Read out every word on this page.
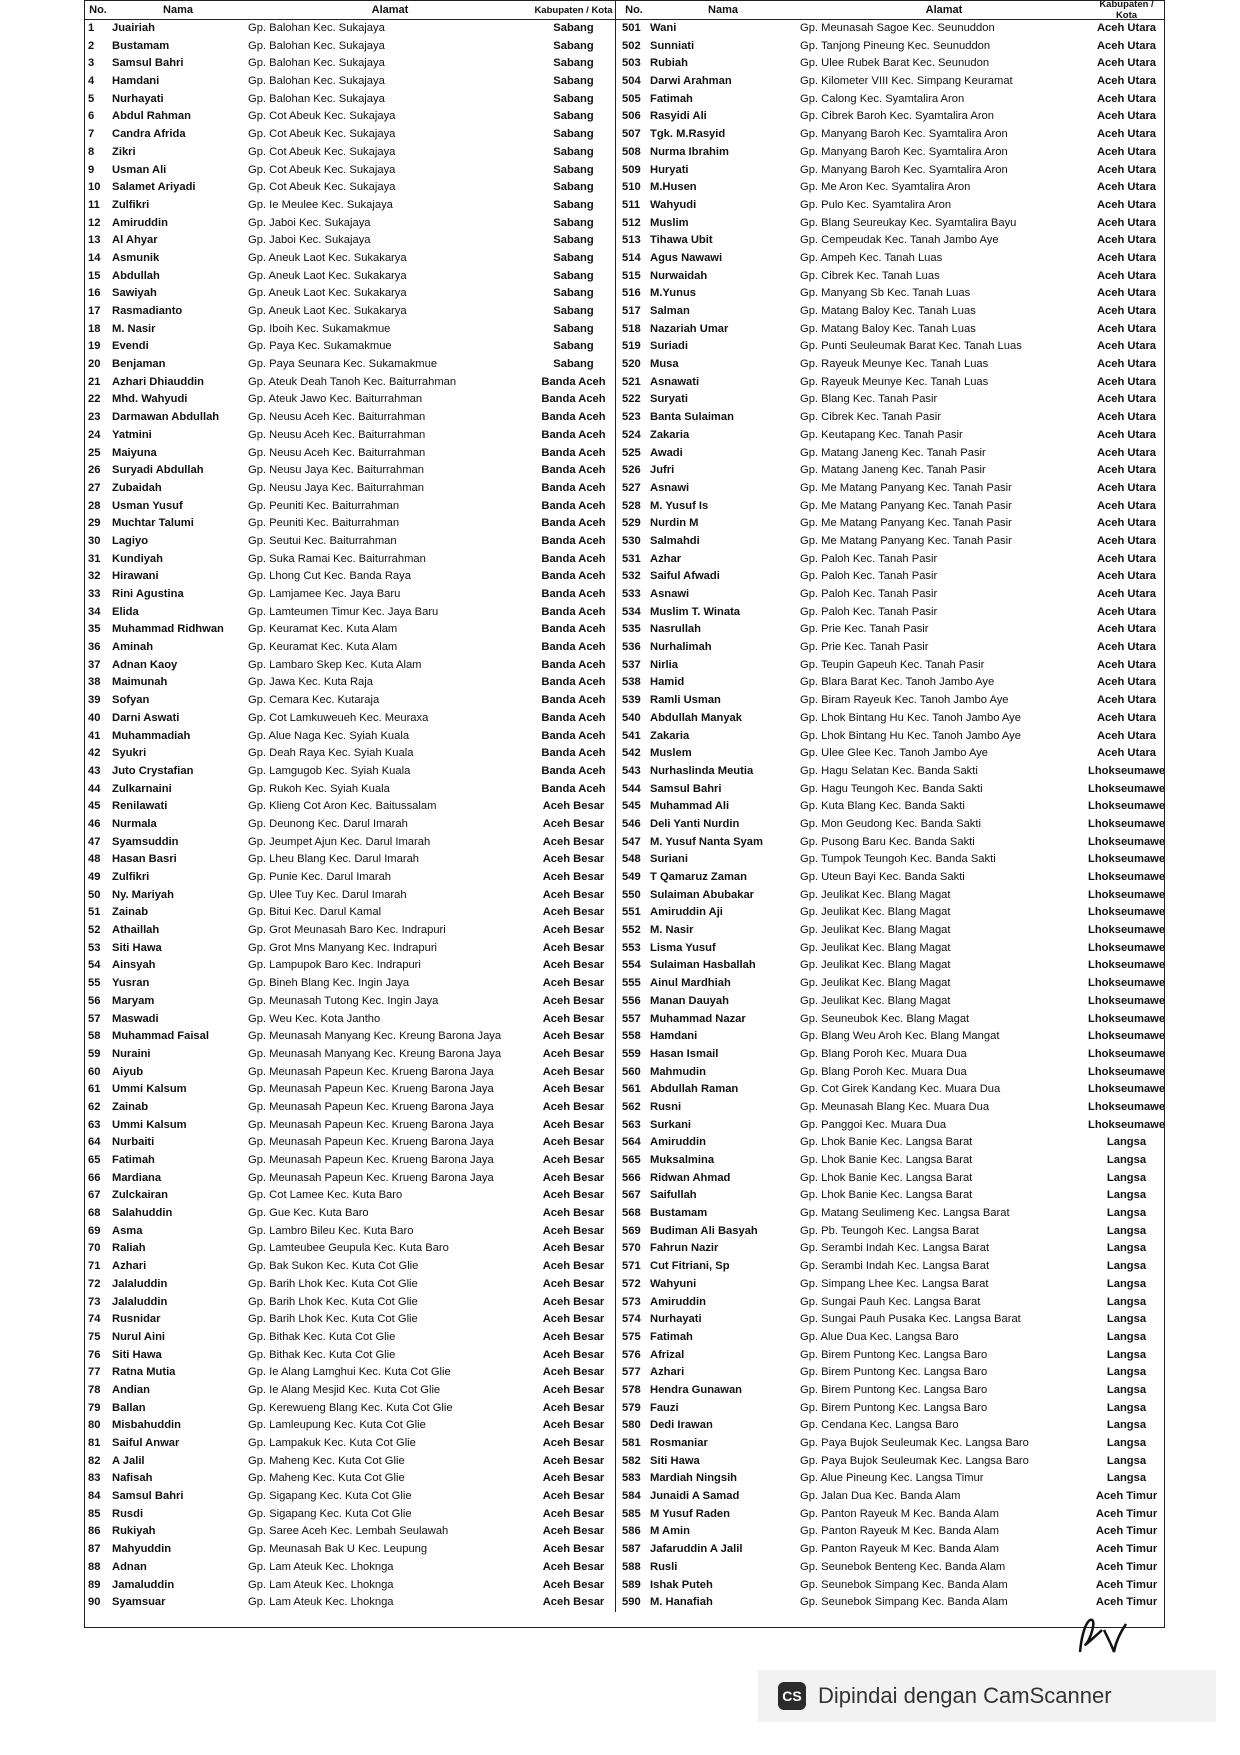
No.	Nama	Alamat	Kabupaten / Kota
1	Juairiah	Gp. Balohan Kec. Sukajaya	Sabang
2	Bustamam	Gp. Balohan Kec. Sukajaya	Sabang
3	Samsul Bahri	Gp. Balohan Kec. Sukajaya	Sabang
4	Hamdani	Gp. Balohan Kec. Sukajaya	Sabang
5	Nurhayati	Gp. Balohan Kec. Sukajaya	Sabang
6	Abdul Rahman	Gp. Cot Abeuk Kec. Sukajaya	Sabang
7	Candra Afrida	Gp. Cot Abeuk Kec. Sukajaya	Sabang
8	Zikri	Gp. Cot Abeuk Kec. Sukajaya	Sabang
9	Usman Ali	Gp. Cot Abeuk Kec. Sukajaya	Sabang
10	Salamet Ariyadi	Gp. Cot Abeuk Kec. Sukajaya	Sabang
11	Zulfikri	Gp. Ie Meulee Kec. Sukajaya	Sabang
12	Amiruddin	Gp. Jaboi Kec. Sukajaya	Sabang
13	Al Ahyar	Gp. Jaboi Kec. Sukajaya	Sabang
14	Asmunik	Gp. Aneuk Laot Kec. Sukakarya	Sabang
15	Abdullah	Gp. Aneuk Laot Kec. Sukakarya	Sabang
16	Sawiyah	Gp. Aneuk Laot Kec. Sukakarya	Sabang
17	Rasmadianto	Gp. Aneuk Laot Kec. Sukakarya	Sabang
18	M. Nasir	Gp. Iboih Kec. Sukamakmue	Sabang
19	Evendi	Gp. Paya Kec. Sukamakmue	Sabang
20	Benjaman	Gp. Paya Seunara Kec. Sukamakmue	Sabang
21	Azhari Dhiauddin	Gp. Ateuk Deah Tanoh Kec. Baiturrahman	Banda Aceh
22	Mhd. Wahyudi	Gp. Ateuk Jawo Kec. Baiturrahman	Banda Aceh
23	Darmawan Abdullah	Gp. Neusu Aceh Kec. Baiturrahman	Banda Aceh
24	Yatmini	Gp. Neusu Aceh Kec. Baiturrahman	Banda Aceh
25	Maiyuna	Gp. Neusu Aceh Kec. Baiturrahman	Banda Aceh
26	Suryadi Abdullah	Gp. Neusu Jaya Kec. Baiturrahman	Banda Aceh
27	Zubaidah	Gp. Neusu Jaya Kec. Baiturrahman	Banda Aceh
28	Usman Yusuf	Gp. Peuniti Kec. Baiturrahman	Banda Aceh
29	Muchtar Talumi	Gp. Peuniti Kec. Baiturrahman	Banda Aceh
30	Lagiyo	Gp. Seutui Kec. Baiturrahman	Banda Aceh
31	Kundiyah	Gp. Suka Ramai Kec. Baiturrahman	Banda Aceh
32	Hirawani	Gp. Lhong Cut Kec. Banda Raya	Banda Aceh
33	Rini Agustina	Gp. Lamjamee Kec. Jaya Baru	Banda Aceh
34	Elida	Gp. Lamteumen Timur Kec. Jaya Baru	Banda Aceh
35	Muhammad Ridhwan	Gp. Keuramat Kec. Kuta Alam	Banda Aceh
36	Aminah	Gp. Keuramat Kec. Kuta Alam	Banda Aceh
37	Adnan Kaoy	Gp. Lambaro Skep Kec. Kuta Alam	Banda Aceh
38	Maimunah	Gp. Jawa Kec. Kuta Raja	Banda Aceh
39	Sofyan	Gp. Cemara Kec. Kutaraja	Banda Aceh
40	Darni Aswati	Gp. Cot Lamkuweueh Kec. Meuraxa	Banda Aceh
41	Muhammadiah	Gp. Alue Naga Kec. Syiah Kuala	Banda Aceh
42	Syukri	Gp. Deah Raya Kec. Syiah Kuala	Banda Aceh
43	Juto Crystafian	Gp. Lamgugob Kec. Syiah Kuala	Banda Aceh
44	Zulkarnaini	Gp. Rukoh Kec. Syiah Kuala	Banda Aceh
45	Renilawati	Gp. Klieng Cot Aron Kec. Baitussalam	Aceh Besar
46	Nurmala	Gp. Deunong Kec. Darul Imarah	Aceh Besar
47	Syamsuddin	Gp. Jeumpet Ajun Kec. Darul Imarah	Aceh Besar
48	Hasan Basri	Gp. Lheu Blang Kec. Darul Imarah	Aceh Besar
49	Zulfikri	Gp. Punie Kec. Darul Imarah	Aceh Besar
50	Ny. Mariyah	Gp. Ulee Tuy Kec. Darul Imarah	Aceh Besar
51	Zainab	Gp. Bitui Kec. Darul Kamal	Aceh Besar
52	Athaillah	Gp. Grot Meunasah Baro Kec. Indrapuri	Aceh Besar
53	Siti Hawa	Gp. Grot Mns Manyang Kec. Indrapuri	Aceh Besar
54	Ainsyah	Gp. Lampupok Baro Kec. Indrapuri	Aceh Besar
55	Yusran	Gp. Bineh Blang Kec. Ingin Jaya	Aceh Besar
56	Maryam	Gp. Meunasah Tutong Kec. Ingin Jaya	Aceh Besar
57	Maswadi	Gp. Weu Kec. Kota Jantho	Aceh Besar
58	Muhammad Faisal	Gp. Meunasah Manyang Kec. Kreung Barona Jaya	Aceh Besar
59	Nuraini	Gp. Meunasah Manyang Kec. Kreung Barona Jaya	Aceh Besar
60	Aiyub	Gp. Meunasah Papeun Kec. Krueng Barona Jaya	Aceh Besar
61	Ummi Kalsum	Gp. Meunasah Papeun Kec. Krueng Barona Jaya	Aceh Besar
62	Zainab	Gp. Meunasah Papeun Kec. Krueng Barona Jaya	Aceh Besar
63	Ummi Kalsum	Gp. Meunasah Papeun Kec. Krueng Barona Jaya	Aceh Besar
64	Nurbaiti	Gp. Meunasah Papeun Kec. Krueng Barona Jaya	Aceh Besar
65	Fatimah	Gp. Meunasah Papeun Kec. Krueng Barona Jaya	Aceh Besar
66	Mardiana	Gp. Meunasah Papeun Kec. Krueng Barona Jaya	Aceh Besar
67	Zulckairan	Gp. Cot Lamee Kec. Kuta Baro	Aceh Besar
68	Salahuddin	Gp. Gue Kec. Kuta Baro	Aceh Besar
69	Asma	Gp. Lambro Bileu Kec. Kuta Baro	Aceh Besar
70	Raliah	Gp. Lamteubee Geupula Kec. Kuta Baro	Aceh Besar
71	Azhari	Gp. Bak Sukon Kec. Kuta Cot Glie	Aceh Besar
72	Jalaluddin	Gp. Barih Lhok Kec. Kuta Cot Glie	Aceh Besar
73	Jalaluddin	Gp. Barih Lhok Kec. Kuta Cot Glie	Aceh Besar
74	Rusnidar	Gp. Barih Lhok Kec. Kuta Cot Glie	Aceh Besar
75	Nurul Aini	Gp. Bithak Kec. Kuta Cot Glie	Aceh Besar
76	Siti Hawa	Gp. Bithak Kec. Kuta Cot Glie	Aceh Besar
77	Ratna Mutia	Gp. Ie Alang Lamghui Kec. Kuta Cot Glie	Aceh Besar
78	Andian	Gp. Ie Alang Mesjid Kec. Kuta Cot Glie	Aceh Besar
79	Ballan	Gp. Kerewueng Blang Kec. Kuta Cot Glie	Aceh Besar
80	Misbahuddin	Gp. Lamleupung Kec. Kuta Cot Glie	Aceh Besar
81	Saiful Anwar	Gp. Lampakuk Kec. Kuta Cot Glie	Aceh Besar
82	A Jalil	Gp. Maheng Kec. Kuta Cot Glie	Aceh Besar
83	Nafisah	Gp. Maheng Kec. Kuta Cot Glie	Aceh Besar
84	Samsul Bahri	Gp. Sigapang Kec. Kuta Cot Glie	Aceh Besar
85	Rusdi	Gp. Sigapang Kec. Kuta Cot Glie	Aceh Besar
86	Rukiyah	Gp. Saree Aceh Kec. Lembah Seulawah	Aceh Besar
87	Mahyuddin	Gp. Meunasah Bak U Kec. Leupung	Aceh Besar
88	Adnan	Gp. Lam Ateuk Kec. Lhoknga	Aceh Besar
89	Jamaluddin	Gp. Lam Ateuk Kec. Lhoknga	Aceh Besar
90	Syamsuar	Gp. Lam Ateuk Kec. Lhoknga	Aceh Besar
No.	Nama	Alamat	Kabupaten / Kota
501 Wani	Gp. Meunasah Sagoe Kec. Seunuddon	Aceh Utara
502 Sunniati	Gp. Tanjong Pineung Kec. Seunuddon	Aceh Utara
503 Rubiah	Gp. Ulee Rubek Barat Kec. Seunudon	Aceh Utara
504 Darwi Arahman	Gp. Kilometer VIII Kec. Simpang Keuramat	Aceh Utara
505 Fatimah	Gp. Calong Kec. Syamtalira Aron	Aceh Utara
506 Rasyidi Ali	Gp. Cibrek Baroh Kec. Syamtalira Aron	Aceh Utara
507 Tgk. M.Rasyid	Gp. Manyang Baroh Kec. Syamtalira Aron	Aceh Utara
508 Nurma Ibrahim	Gp. Manyang Baroh Kec. Syamtalira Aron	Aceh Utara
509 Huryati	Gp. Manyang Baroh Kec. Syamtalira Aron	Aceh Utara
510 M.Husen	Gp. Me Aron Kec. Syamtalira Aron	Aceh Utara
511 Wahyudi	Gp. Pulo Kec. Syamtalira Aron	Aceh Utara
512 Muslim	Gp. Blang Seureukay Kec. Syamtalira Bayu	Aceh Utara
513 Tihawa Ubit	Gp. Cempeudak Kec. Tanah Jambo Aye	Aceh Utara
514 Agus Nawawi	Gp. Ampeh Kec. Tanah Luas	Aceh Utara
515 Nurwaidah	Gp. Cibrek Kec. Tanah Luas	Aceh Utara
516 M.Yunus	Gp. Manyang Sb Kec. Tanah Luas	Aceh Utara
517 Salman	Gp. Matang Baloy Kec. Tanah Luas	Aceh Utara
518 Nazariah Umar	Gp. Matang Baloy Kec. Tanah Luas	Aceh Utara
519 Suriadi	Gp. Punti Seuleumak Barat Kec. Tanah Luas	Aceh Utara
520 Musa	Gp. Rayeuk Meunye Kec. Tanah Luas	Aceh Utara
521 Asnawati	Gp. Rayeuk Meunye Kec. Tanah Luas	Aceh Utara
522 Suryati	Gp. Blang Kec. Tanah Pasir	Aceh Utara
523 Banta Sulaiman	Gp. Cibrek Kec. Tanah Pasir	Aceh Utara
524 Zakaria	Gp. Keutapang Kec. Tanah Pasir	Aceh Utara
525 Awadi	Gp. Matang Janeng Kec. Tanah Pasir	Aceh Utara
526 Jufri	Gp. Matang Janeng Kec. Tanah Pasir	Aceh Utara
527 Asnawi	Gp. Me Matang Panyang Kec. Tanah Pasir	Aceh Utara
528 M. Yusuf Is	Gp. Me Matang Panyang Kec. Tanah Pasir	Aceh Utara
529 Nurdin M	Gp. Me Matang Panyang Kec. Tanah Pasir	Aceh Utara
530 Salmahdi	Gp. Me Matang Panyang Kec. Tanah Pasir	Aceh Utara
531 Azhar	Gp. Paloh Kec. Tanah Pasir	Aceh Utara
532 Saiful Afwadi	Gp. Paloh Kec. Tanah Pasir	Aceh Utara
533 Asnawi	Gp. Paloh Kec. Tanah Pasir	Aceh Utara
534 Muslim T. Winata	Gp. Paloh Kec. Tanah Pasir	Aceh Utara
535 Nasrullah	Gp. Prie Kec. Tanah Pasir	Aceh Utara
536 Nurhalimah	Gp. Prie Kec. Tanah Pasir	Aceh Utara
537 Nirlia	Gp. Teupin Gapeuh Kec. Tanah Pasir	Aceh Utara
538 Hamid	Gp. Blara Barat Kec. Tanoh Jambo Aye	Aceh Utara
539 Ramli Usman	Gp. Biram Rayeuk Kec. Tanoh Jambo Aye	Aceh Utara
540 Abdullah Manyak	Gp. Lhok Bintang Hu Kec. Tanoh Jambo Aye	Aceh Utara
541 Zakaria	Gp. Lhok Bintang Hu Kec. Tanoh Jambo Aye	Aceh Utara
542 Muslem	Gp. Ulee Glee Kec. Tanoh Jambo Aye	Aceh Utara
543 Nurhaslinda Meutia	Gp. Hagu Selatan Kec. Banda Sakti	Lhokseumawe
544 Samsul Bahri	Gp. Hagu Teungoh Kec. Banda Sakti	Lhokseumawe
545 Muhammad Ali	Gp. Kuta Blang Kec. Banda Sakti	Lhokseumawe
546 Deli Yanti Nurdin	Gp. Mon Geudong Kec. Banda Sakti	Lhokseumawe
547 M. Yusuf Nanta Syam	Gp. Pusong Baru Kec. Banda Sakti	Lhokseumawe
548 Suriani	Gp. Tumpok Teungoh Kec. Banda Sakti	Lhokseumawe
549 T Qamaruz Zaman	Gp. Uteun Bayi Kec. Banda Sakti	Lhokseumawe
550 Sulaiman Abubakar	Gp. Jeulikat Kec. Blang Magat	Lhokseumawe
551 Amiruddin Aji	Gp. Jeulikat Kec. Blang Magat	Lhokseumawe
552 M. Nasir	Gp. Jeulikat Kec. Blang Magat	Lhokseumawe
553 Lisma Yusuf	Gp. Jeulikat Kec. Blang Magat	Lhokseumawe
554 Sulaiman Hasballah	Gp. Jeulikat Kec. Blang Magat	Lhokseumawe
555 Ainul Mardhiah	Gp. Jeulikat Kec. Blang Magat	Lhokseumawe
556 Manan Dauyah	Gp. Jeulikat Kec. Blang Magat	Lhokseumawe
557 Muhammad Nazar	Gp. Seuneubok Kec. Blang Magat	Lhokseumawe
558 Hamdani	Gp. Blang Weu Aroh Kec. Blang Mangat	Lhokseumawe
559 Hasan Ismail	Gp. Blang Poroh Kec. Muara Dua	Lhokseumawe
560 Mahmudin	Gp. Blang Poroh Kec. Muara Dua	Lhokseumawe
561 Abdullah Raman	Gp. Cot Girek Kandang Kec. Muara Dua	Lhokseumawe
562 Rusni	Gp. Meunasah Blang Kec. Muara Dua	Lhokseumawe
563 Surkani	Gp. Panggoi Kec. Muara Dua	Lhokseumawe
564 Amiruddin	Gp. Lhok Banie Kec. Langsa Barat	Langsa
565 Muksalmina	Gp. Lhok Banie Kec. Langsa Barat	Langsa
566 Ridwan Ahmad	Gp. Lhok Banie Kec. Langsa Barat	Langsa
567 Saifullah	Gp. Lhok Banie Kec. Langsa Barat	Langsa
568 Bustamam	Gp. Matang Seulimeng Kec. Langsa Barat	Langsa
569 Budiman Ali Basyah	Gp. Pb. Teungoh Kec. Langsa Barat	Langsa
570 Fahrun Nazir	Gp. Serambi Indah Kec. Langsa Barat	Langsa
571 Cut Fitriani, Sp	Gp. Serambi Indah Kec. Langsa Barat	Langsa
572 Wahyuni	Gp. Simpang Lhee Kec. Langsa Barat	Langsa
573 Amiruddin	Gp. Sungai Pauh Kec. Langsa Barat	Langsa
574 Nurhayati	Gp. Sungai Pauh Pusaka Kec. Langsa Barat	Langsa
575 Fatimah	Gp. Alue Dua Kec. Langsa Baro	Langsa
576 Afrizal	Gp. Birem Puntong Kec. Langsa Baro	Langsa
577 Azhari	Gp. Birem Puntong Kec. Langsa Baro	Langsa
578 Hendra Gunawan	Gp. Birem Puntong Kec. Langsa Baro	Langsa
579 Fauzi	Gp. Birem Puntong Kec. Langsa Baro	Langsa
580 Dedi Irawan	Gp. Cendana Kec. Langsa Baro	Langsa
581 Rosmaniar	Gp. Paya Bujok Seuleumak Kec. Langsa Baro	Langsa
582 Siti Hawa	Gp. Paya Bujok Seuleumak Kec. Langsa Baro	Langsa
583 Mardiah Ningsih	Gp. Alue Pineung Kec. Langsa Timur	Langsa
584 Junaidi A Samad	Gp. Jalan Dua Kec. Banda Alam	Aceh Timur
585 M Yusuf Raden	Gp. Panton Rayeuk M Kec. Banda Alam	Aceh Timur
586 M Amin	Gp. Panton Rayeuk M Kec. Banda Alam	Aceh Timur
587 Jafaruddin A Jalil	Gp. Panton Rayeuk M Kec. Banda Alam	Aceh Timur
588 Rusli	Gp. Seunebok Benteng Kec. Banda Alam	Aceh Timur
589 Ishak Puteh	Gp. Seunebok Simpang Kec. Banda Alam	Aceh Timur
590 M. Hanafiah	Gp. Seunebok Simpang Kec. Banda Alam	Aceh Timur
CS Dipindai dengan CamScanner
